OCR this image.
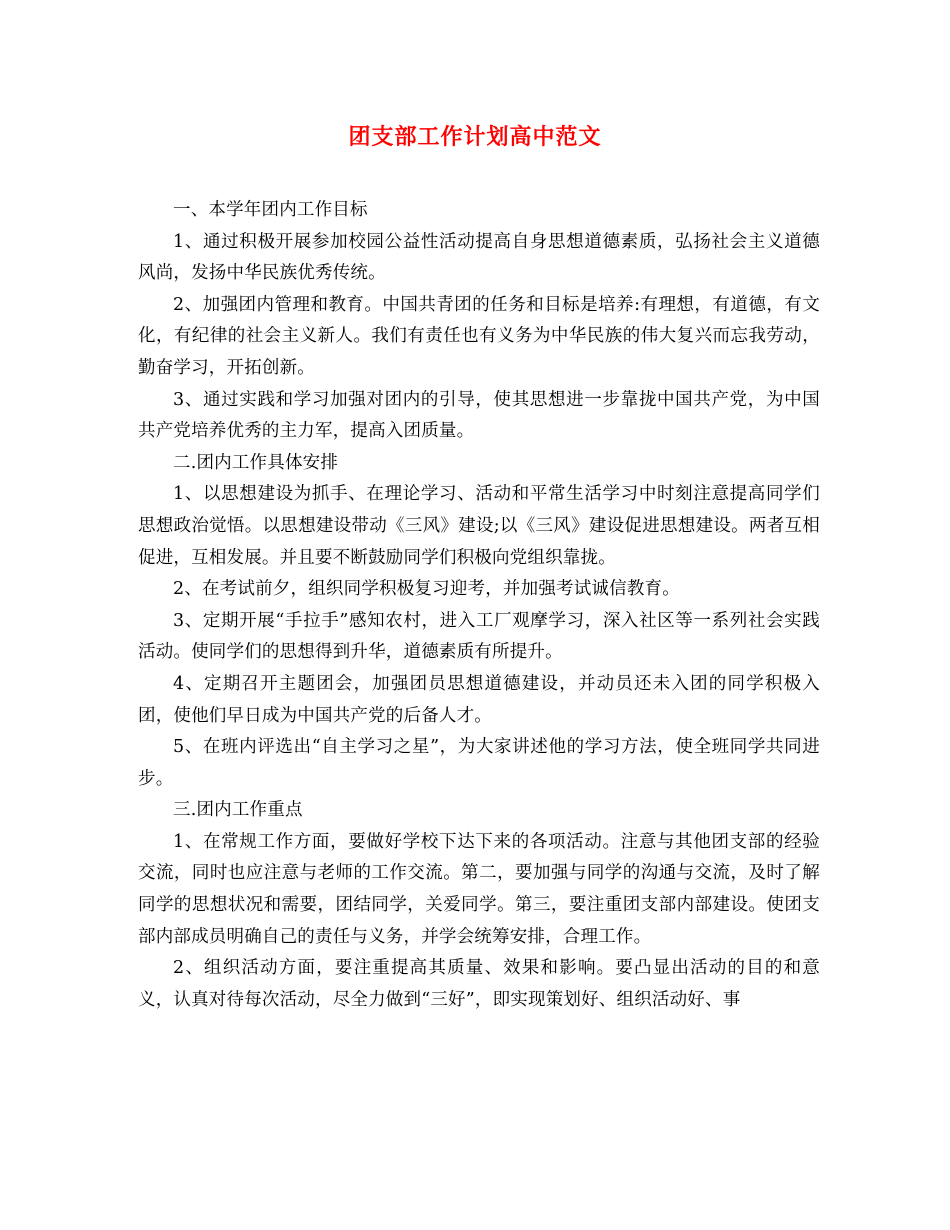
团支部工作计划高中范文

一、本学年团内工作目标

1、通过积极开展参加校园公益性活动提高自身思想道德素质，弘扬社会主义道德风尚，发扬中华民族优秀传统。

2、加强团内管理和教育。中国共青团的任务和目标是培养:有理想，有道德，有文化，有纪律的社会主义新人。我们有责任也有义务为中华民族的伟大复兴而忘我劳动，勤奋学习，开拓创新。

3、通过实践和学习加强对团内的引导，使其思想进一步靠拢中国共产党，为中国共产党培养优秀的主力军，提高入团质量。

二.团内工作具体安排

1、以思想建设为抓手、在理论学习、活动和平常生活学习中时刻注意提高同学们思想政治觉悟。以思想建设带动《三风》建设;以《三风》建设促进思想建设。两者互相促进，互相发展。并且要不断鼓励同学们积极向党组织靠拢。

2、在考试前夕，组织同学积极复习迎考，并加强考试诚信教育。

3、定期开展“手拉手”感知农村，进入工厂观摩学习，深入社区等一系列社会实践活动。使同学们的思想得到升华，道德素质有所提升。

4、定期召开主题团会，加强团员思想道德建设，并动员还未入团的同学积极入团，使他们早日成为中国共产党的后备人才。

5、在班内评选出“自主学习之星”，为大家讲述他的学习方法，使全班同学共同进步。

三.团内工作重点

1、在常规工作方面，要做好学校下达下来的各项活动。注意与其他团支部的经验交流，同时也应注意与老师的工作交流。第二，要加强与同学的沟通与交流，及时了解同学的思想状况和需要，团结同学，关爱同学。第三，要注重团支部内部建设。使团支部内部成员明确自己的责任与义务，并学会统筹安排，合理工作。

2、组织活动方面，要注重提高其质量、效果和影响。要凸显出活动的目的和意义，认真对待每次活动，尽全力做到“三好”，即实现策划好、组织活动好、事
